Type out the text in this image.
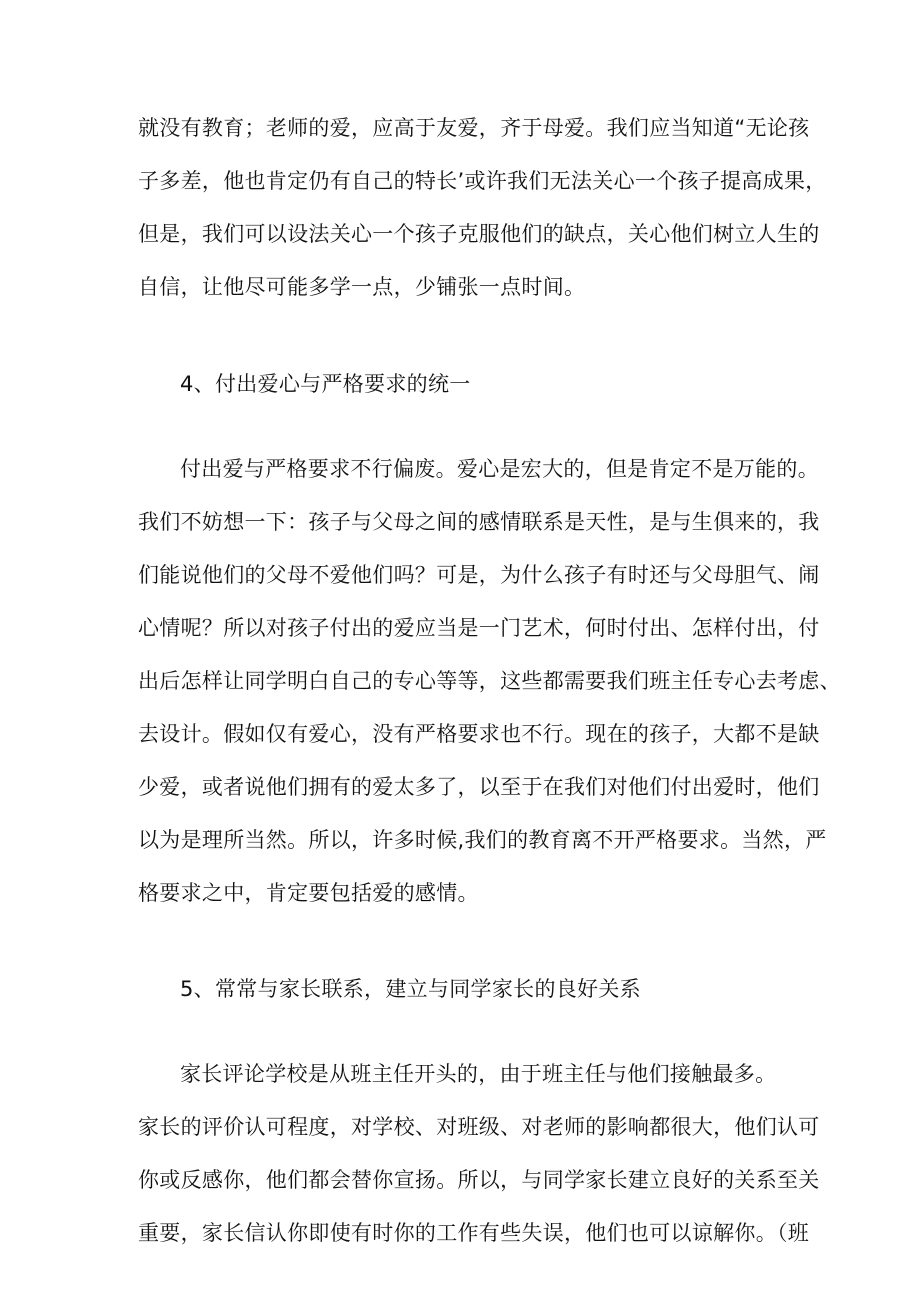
就没有教育；老师的爱，应高于友爱，齐于母爱。我们应当知道“无论孩
子多差，他也肯定仍有自己的特长’或许我们无法关心一个孩子提高成果，
但是，我们可以设法关心一个孩子克服他们的缺点，关心他们树立人生的
自信，让他尽可能多学一点，少铺张一点时间。
4、付出爱心与严格要求的统一
付出爱与严格要求不行偏废。爱心是宏大的，但是肯定不是万能的。
我们不妨想一下：孩子与父母之间的感情联系是天性，是与生俱来的，我
们能说他们的父母不爱他们吗？可是，为什么孩子有时还与父母胆气、闹
心情呢？所以对孩子付出的爱应当是一门艺术，何时付出、怎样付出，付
出后怎样让同学明白自己的专心等等，这些都需要我们班主任专心去考虑、
去设计。假如仅有爱心，没有严格要求也不行。现在的孩子，大都不是缺
少爱，或者说他们拥有的爱太多了，以至于在我们对他们付出爱时，他们
以为是理所当然。所以，许多时候,我们的教育离不开严格要求。当然，严
格要求之中，肯定要包括爱的感情。
5、常常与家长联系，建立与同学家长的良好关系
家长评论学校是从班主任开头的，由于班主任与他们接触最多。
家长的评价认可程度，对学校、对班级、对老师的影响都很大，他们认可
你或反感你，他们都会替你宣扬。所以，与同学家长建立良好的关系至关
重要，家长信认你即使有时你的工作有些失误，他们也可以谅解你。（班
